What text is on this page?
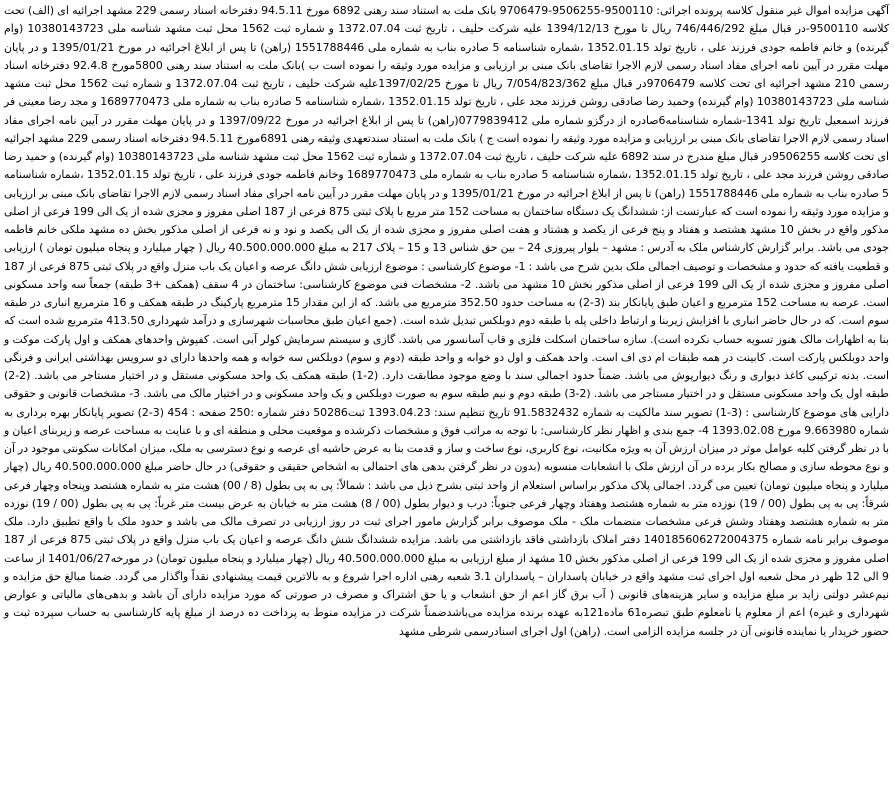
آگهی مزایده اموال غیر منقول کلاسه پرونده اجرائی: 9500110-9506255-9706479 بانک ملت به استناد سند رهنی 6892 مورخ 94.5.11 دفترخانه اسناد رسمی 229 مشهد اجرائیه ای (الف) تحت کلاسه 9500110-در قبال مبلغ 746/446/292 ریال تا مورخ 1394/12/13 علیه شرکت حلیف ، تاریخ ثبت 1372.07.04 و شماره ثبت 1562 محل ثبت مشهد شناسه ملی 10380143723 (وام گیرنده) و خانم فاطمه جودی فرزند علی ، تاریخ تولد 1352.01.15 ،شماره شناسنامه 5 صادره بناب به شماره ملی 1551788446 (راهن) تا پس از ابلاغ اجرائیه در مورخ 1395/01/21 و در پایان مهلت مقرر در آیین نامه اجرای مفاد اسناد رسمی لازم الاجرا تقاضای بانک مبنی بر ارزیابی و مزایده مورد وثیقه را نموده است ب )بانک ملت به استناد سند رهنی 5800مورخ 92.4.8 دفترخانه اسناد رسمی 210 مشهد اجرائیه ای تحت کلاسه 9706479در قبال مبلغ 7/054/823/362 ریال تا مورخ 1397/02/25علیه شرکت حلیف ، تاریخ ثبت 1372.07.04 و شماره ثبت 1562 محل ثبت مشهد شناسه ملی 10380143723 (وام گیرنده) وحمید رضا صادقی روشن فرزند مجد علی ، تاریخ تولد 1352.01.15 ،شماره شناسنامه 5 صادره بناب به شماره ملی 1689770473 و مجد رضا معینی فر فرزند اسمعیل تاریخ تولد 1341-شماره شناسنامه6صادره از درگزو شماره ملی 0779839412(راهن) تا پس از ابلاغ اجرائیه در مورخ 1397/09/22 و در پایان مهلت مقرر در آیین نامه اجرای مفاد اسناد رسمی لازم الاجرا تقاضای بانک مبنی بر ارزیابی و مزایده مورد وثیقه را نموده است ج ) بانک ملت به استناد سندتعهدی وثیقه رهنی 6891مورخ 94.5.11 دفترخانه اسناد رسمی 229 مشهد اجرائیه ای تحت کلاسه 9506255در قبال مبلغ مندرج در سند 6892 علیه شرکت حلیف ، تاریخ ثبت 1372.07.04 و شماره ثبت 1562 محل ثبت مشهد شناسه ملی 10380143723 (وام گیرنده) و حمید رضا صادقی روشن فرزند مجد علی ، تاریخ تولد 1352.01.15 ،شماره شناسنامه 5 صادره بناب به شماره ملی 1689770473 وخانم فاطمه جودی فرزند علی ، تاریخ تولد 1352.01.15 ،شماره شناسنامه 5 صادره بناب به شماره ملی 1551788446 (راهن) تا پس از ابلاغ اجرائیه در مورخ 1395/01/21 و در پایان مهلت مقرر در آیین نامه اجرای مفاد اسناد رسمی لازم الاجرا تقاضای بانک مبنی بر ارزیابی و مزایده مورد وثیقه را نموده است که عبارتست از: ششدانگ یک دستگاه ساختمان به مساحت 152 متر مربع با پلاک ثبتی 875 فرعی از 187 اصلی مفروز و مجزی شده از یک الی 199 فرعی از اصلی مذکور واقع در بخش 10 مشهد هشتصد و هفتاد و پنج فرعی از یکصد و هشتاد و هفت اصلی مفروز و مجزی شده از یک الی یکصد و نود و نه فرعی از اصلی مذکور بخش ده مشهد ملکی خانم فاطمه جودی می باشد. برابر گزارش کارشناس ملک به آدرس : مشهد – بلوار پیروزی 24 – بین حق شناس 13 و 15 – پلاک 217 به مبلغ 40.500.000.000 ریال ( چهار میلیارد و پنجاه میلیون تومان ) ارزیابی و قطعیت یافته که حدود و مشخصات و توصیف اجمالی ملک بدین شرح می باشد : 1- موضوع کارشناسی : موضوع ارزیابی شش دانگ عرصه و اعیان یک باب منزل واقع در پلاک ثبتی 875 فرعی از 187 اصلی مفروز و مجزی شده از یک الی 199 فرعی از اصلی مذکور بخش 10 مشهد می باشد. 2- مشخصات فنی موضوع کارشناسی: ساختمان در 4 سقف (همکف +3 طبقه) جمعاً سه واحد مسکونی است. عرصه به مساحت 152 مترمربع و اعیان طبق پایانکار بند (3-2) به مساحت حدود 352.50 مترمربع می باشد. که از این مقدار 15 مترمربع پارکینگ در طبقه همکف و 16 مترمربع انباری در طبقه سوم است. که در حال حاضر انباری با افزایش زیربنا و ارتباط داخلی پله با طبقه دوم دوبلکس تبدیل شده است. (جمع اعیان طبق محاسبات شهرسازی و درآمد شهرداری 413.50 مترمربع شده است که بنا به اظهارات مالک هنوز تسویه حساب نکرده است). سازه ساختمان اسکلت فلزی و قاب آسانسور می باشد. گازی و سیستم سرمایش کولر آبی است. کفپوش واحدهای همکف و اول پارکت موکت و واحد دوبلکس پارکت است. کابینت در همه طبقات ام دی اف است. واحد همکف و اول دو خوابه و واحد طبقه (دوم و سوم) دوبلکس سه خوابه و همه واحدها دارای دو سرویس بهداشتی ایرانی و فرنگی است. بدنه ترکیبی کاغذ دیواری و رنگ دیوارپوش می باشد. ضمناً حدود اجمالی سند با وضع موجود مطابقت دارد. (2-1) طبقه همکف یک واحد مسکونی مستقل و در اختیار مستاجر می باشد. (2-2) طبقه اول یک واحد مسکونی مستقل و در اختیار مستاجر می باشد. (2-3) طبقه دوم و نیم طبقه سوم به صورت دوبلکس و یک واحد مسکونی و در اختیار مالک می باشد. 3- مشخصات قانونی و حقوقی دارایی های موضوع کارشناسی : (3-1) تصویر سند مالکیت به شماره 91.5832432 تاریخ تنظیم سند: 1393.04.23 ثبت50286 دفتر شماره :250 صفحه : 454 (3-2) تصویر پایانکار بهره برداری به شماره 9.663980 مورخ 1393.02.08 4- جمع بندی و اظهار نظر کارشناسی: با توجه به مراتب فوق و مشخصات ذکرشده و موقعیت محلی و منطقه ای و با عنایت به مساحت عرصه و زیربنای اعیان و با در نظر گرفتن کلیه عوامل موثر در میزان ارزش آن به ویژه مکانیت، نوع کاربری، نوع ساخت و ساز و قدمت بنا به عرض حاشیه ای عرصه و نوع دسترسی به ملک، میزان امکانات سکونتی موجود در آن و نوع محوطه سازی و مصالح بکار برده در آن ارزش ملک با انشعابات منسوبه (بدون در نظر گرفتن بدهی های احتمالی به اشخاص حقیقی و حقوقی) در حال حاضر مبلغ 40.500.000.000 ریال (چهار میلیارد و پنجاه میلیون تومان) تعیین می گردد. اجمالی پلاک مذکور براساس استعلام از واحد ثبتی بشرح ذیل می باشد : شمالاً: پی به پی بطول (8 / 00) هشت متر به شماره هشتصد وپنجاه وچهار فرعی شرقاً: پی به پی بطول (00 / 19) نوزده متر به شماره هشتصد وهفتاد وچهار فرعی جنوباً: درب و دیوار بطول (00 / 8) هشت متر به خیابان به عرض بیست متر غرباً: پی به پی بطول (00 / 19) نوزده متر به شماره هشتصد وهفتاد وشش فرعی مشخصات منضمات ملک - ملک موصوف برابر گزارش مامور اجرای ثبت در روز ارزیابی در تصرف مالک می باشد و حدود ملک با واقع تطبیق دارد. ملک موصوف برابر نامه شماره 140185606272004375 دفتر املاک بازداشتی فاقد بازداشتی می باشد. مزایده ششدانگ شش دانگ عرصه و اعیان یک باب منزل واقع در پلاک ثبتی 875 فرعی از 187 اصلی مفروز و مجزی شده از یک الی 199 فرعی از اصلی مذکور بخش 10 مشهد از مبلغ ارزیابی به مبلغ 40.500.000.000 ریال (چهار میلیارد و پنجاه میلیون تومان) در مورخه1401/06/27 از ساعت 9 الی 12 ظهر در محل شعبه اول اجرای ثبت مشهد واقع در خیابان پاسداران – پاسداران 3.1 شعبه رهنی اداره اجرا شروع و به بالاترین قیمت پیشنهادی نقداً واگذار می گردد. ضمنا مبالغ حق مزایده و نیم‌عشر دولتی زاید بر مبلغ مزایده و سایر هزینه‌های قانونی ( آب برق گاز اعم از حق انشعاب و یا حق اشتراک و مصرف در صورتی که مورد مزایده دارای آن باشد و بدهی‌های مالیاتی و عوارض شهرداری و غیره) اعم از معلوم یا نامعلوم طبق تبصره61 ماده121به عهده برنده مزایده می‌باشدضمناً شرکت در مزایده منوط به پرداخت ده درصد از مبلغ پایه کارشناسی به حساب سپرده ثبت و حضور خریدار یا نماینده قانونی آن در جلسه مزایده الزامی است. (راهن) اول اجرای اسنادرسمی شرطی مشهد
